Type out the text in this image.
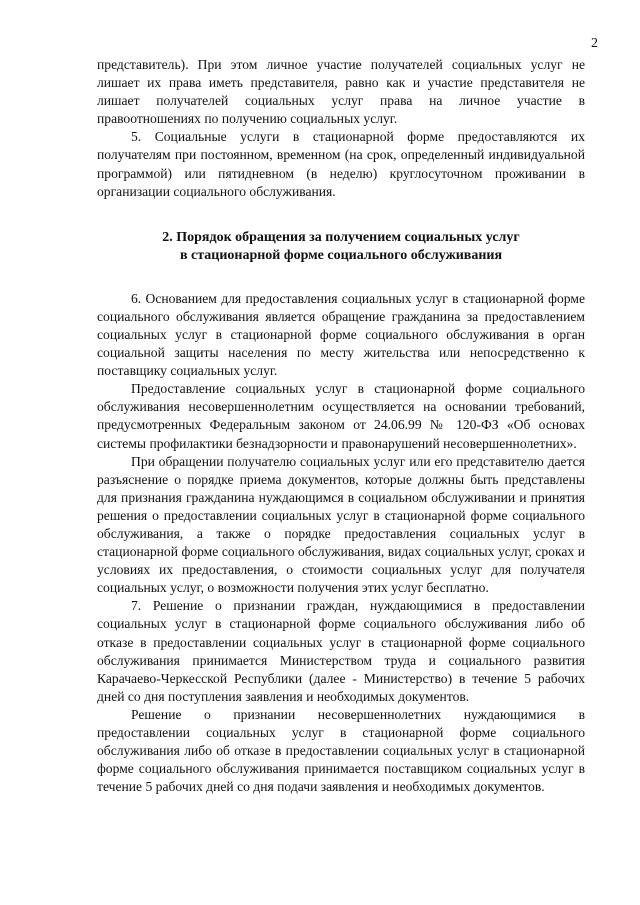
2

представитель). При этом личное участие получателей социальных услуг не лишает их права иметь представителя, равно как и участие представителя не лишает получателей социальных услуг права на личное участие в правоотношениях по получению социальных услуг.

5. Социальные услуги в стационарной форме предоставляются их получателям при постоянном, временном (на срок, определенный индивидуальной программой) или пятидневном (в неделю) круглосуточном проживании в организации социального обслуживания.

2. Порядок обращения за получением социальных услуг
в стационарной форме социального обслуживания

6. Основанием для предоставления социальных услуг в стационарной форме социального обслуживания является обращение гражданина за предоставлением социальных услуг в стационарной форме социального обслуживания в орган социальной защиты населения по месту жительства или непосредственно к поставщику социальных услуг.

Предоставление социальных услуг в стационарной форме социального обслуживания несовершеннолетним осуществляется на основании требований, предусмотренных Федеральным законом от 24.06.99 № 120-ФЗ «Об основах системы профилактики безнадзорности и правонарушений несовершеннолетних».

При обращении получателю социальных услуг или его представителю дается разъяснение о порядке приема документов, которые должны быть представлены для признания гражданина нуждающимся в социальном обслуживании и принятия решения о предоставлении социальных услуг в стационарной форме социального обслуживания, а также о порядке предоставления социальных услуг в стационарной форме социального обслуживания, видах социальных услуг, сроках и условиях их предоставления, о стоимости социальных услуг для получателя социальных услуг, о возможности получения этих услуг бесплатно.

7. Решение о признании граждан, нуждающимися в предоставлении социальных услуг в стационарной форме социального обслуживания либо об отказе в предоставлении социальных услуг в стационарной форме социального обслуживания принимается Министерством труда и социального развития Карачаево-Черкесской Республики (далее - Министерство) в течение 5 рабочих дней со дня поступления заявления и необходимых документов.

Решение о признании несовершеннолетних нуждающимися в предоставлении социальных услуг в стационарной форме социального обслуживания либо об отказе в предоставлении социальных услуг в стационарной форме социального обслуживания принимается поставщиком социальных услуг в течение 5 рабочих дней со дня подачи заявления и необходимых документов.
